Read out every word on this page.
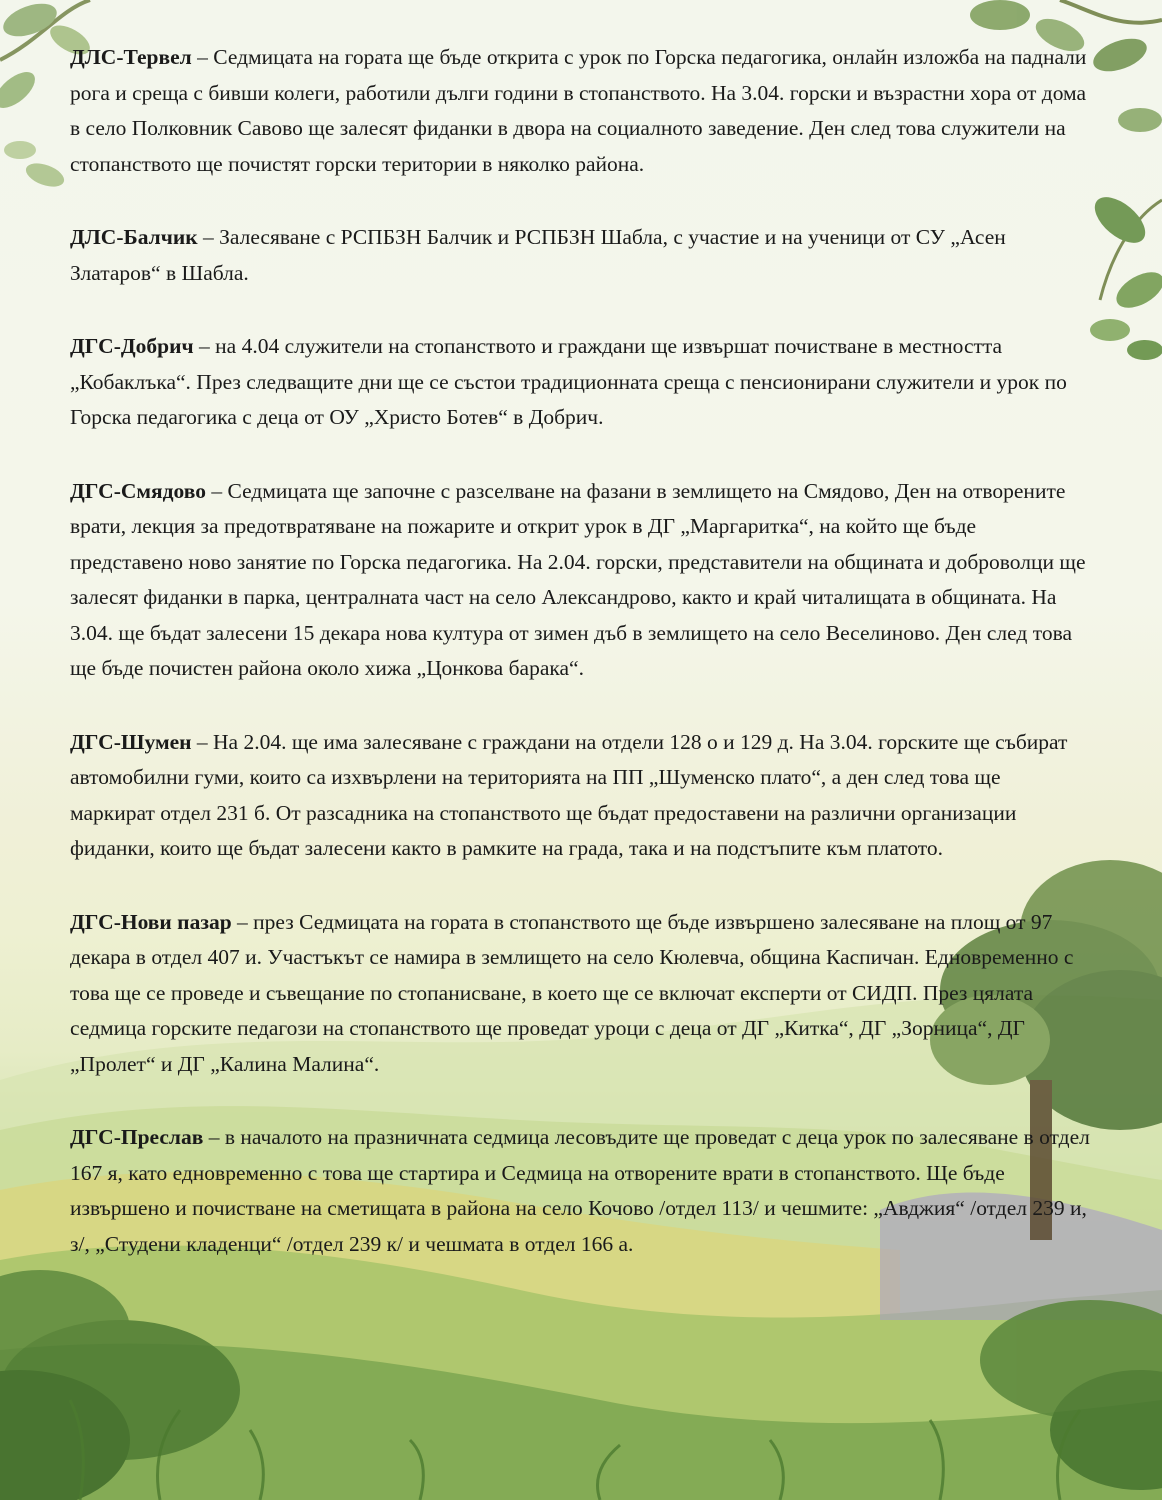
ДЛС-Тервел – Седмицата на гората ще бъде открита с урок по Горска педагогика, онлайн изложба на паднали рога и среща с бивши колеги, работили дълги години в стопанството. На 3.04. горски и възрастни хора от дома в село Полковник Савово ще залесят фиданки в двора на социалното заведение. Ден след това служители на стопанството ще почистят горски територии в няколко района.

ДЛС-Балчик – Залесяване с РСПБЗН Балчик и РСПБЗН Шабла, с участие и на ученици от СУ „Асен Златаров“ в Шабла.

ДГС-Добрич – на 4.04 служители на стопанството и граждани ще извършат почистване в местността „Кобаклъка“. През следващите дни ще се състои традиционната среща с пенсионирани служители и урок по Горска педагогика с деца от ОУ „Христо Ботев“ в Добрич.

ДГС-Смядово – Седмицата ще започне с разселване на фазани в землището на Смядово, Ден на отворените врати, лекция за предотвратяване на пожарите и открит урок в ДГ „Маргаритка“, на който ще бъде представено ново занятие по Горска педагогика. На 2.04. горски, представители на общината и доброволци ще залесят фиданки в парка, централната част на село Александрово, както и край читалищата в общината. На 3.04. ще бъдат залесени 15 декара нова култура от зимен дъб в землището на село Веселиново. Ден след това ще бъде почистен района около хижа „Цонкова барака“.

ДГС-Шумен – На 2.04. ще има залесяване с граждани на отдели 128 о и 129 д. На 3.04. горските ще събират автомобилни гуми, които са изхвърлени на територията на ПП „Шуменско плато“, а ден след това ще маркират отдел 231 б. От разсадника на стопанството ще бъдат предоставени на различни организации фиданки, които ще бъдат залесени както в рамките на града, така и на подстъпите към платото.

ДГС-Нови пазар – през Седмицата на гората в стопанството ще бъде извършено залесяване на площ от 97 декара в отдел 407 и. Участъкът се намира в землището на село Кюлевча, община Каспичан. Едновременно с това ще се проведе и съвещание по стопанисване, в което ще се включат експерти от СИДП. През цялата седмица горските педагози на стопанството ще проведат уроци с деца от ДГ „Китка“, ДГ „Зорница“, ДГ „Пролет“ и ДГ „Калина Малина“.

ДГС-Преслав – в началото на празничната седмица лесовъдите ще проведат с деца урок по залесяване в отдел 167 я, като едновременно с това ще стартира и Седмица на отворените врати в стопанството. Ще бъде извършено и почистване на сметищата в района на село Кочово /отдел 113/ и чешмите: „Авджия“ /отдел 239 и, з/, „Студени кладенци“ /отдел 239 к/ и чешмата в отдел 166 а.
